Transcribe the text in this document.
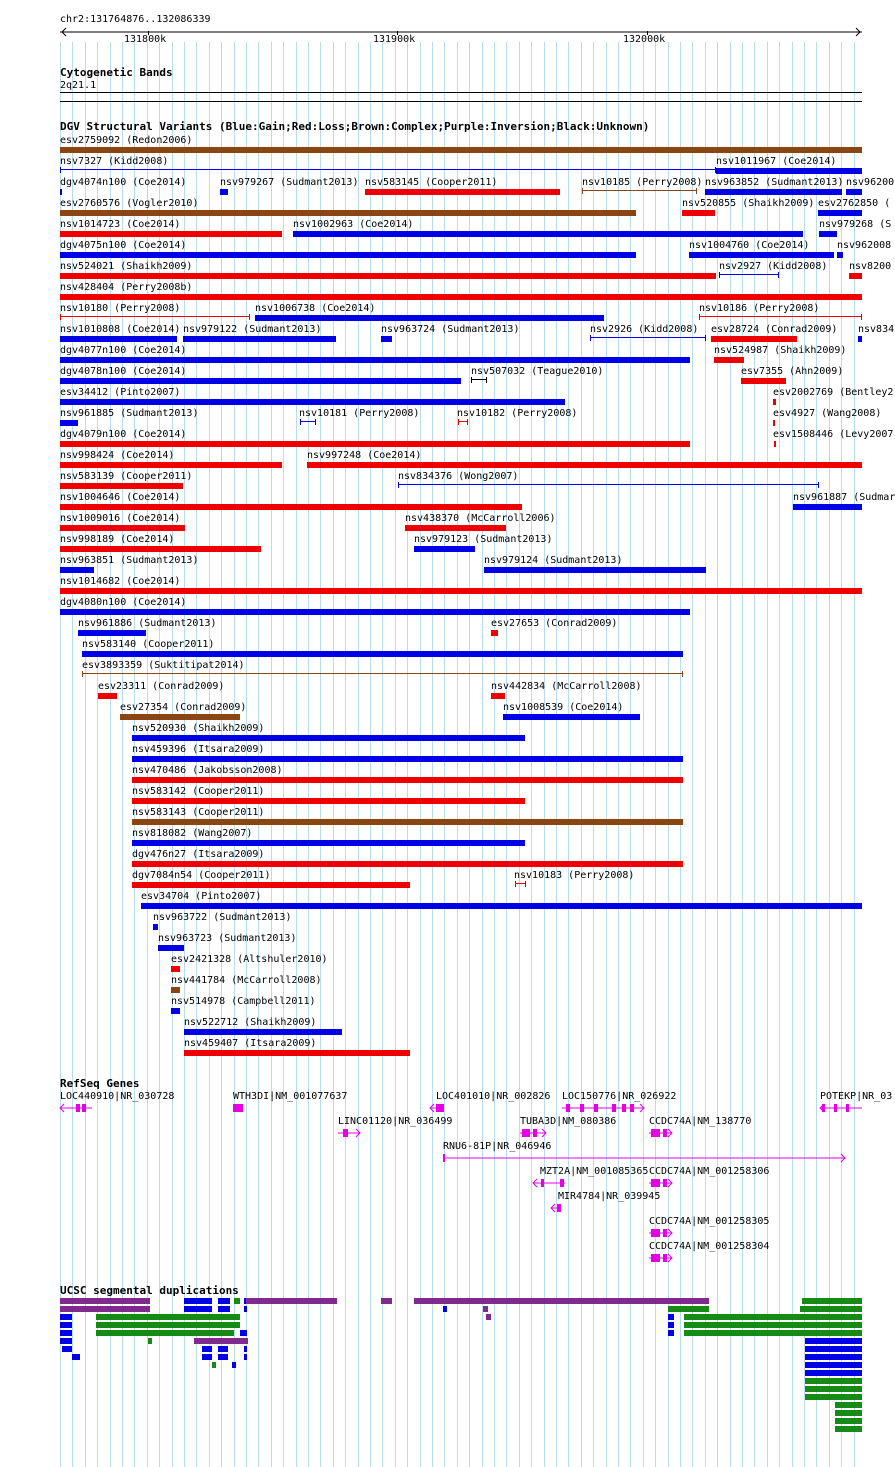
chr2:131764876..132086339
Cytogenetic Bands
2q21.1
DGV Structural Variants (Blue:Gain;Red:Loss;Brown:Complex;Purple:Inversion;Black:Unknown)
esv2759092 (Redon2006)
nsv7327 (Kidd2008)	nsv1011967 (Coe2014)
dgv4074n100 (Coe2014)	nsv979267 (Sudmant2013) nsv583145 (Cooper2011)	nsv10185 (Perry2008) nsv963852 (Sudmant2013) nsv96200
esv2760576 (Vogler2010)	nsv520855 (Shaikh2009) esv2762850 (
nsv1014723 (Coe2014)	nsv1002963 (Coe2014)	nsv979268 (S
dgv4075n100 (Coe2014)	nsv1004760 (Coe2014)	nsv962008
nsv524021 (Shaikh2009)	nsv2927 (Kidd2008) nsv8200
nsv428404 (Perry2008b)
nsv10180 (Perry2008)	nsv1006738 (Coe2014)	nsv10186 (Perry2008)
nsv1010808 (Coe2014) nsv979122 (Sudmant2013)	nsv963724 (Sudmant2013)	nsv2926 (Kidd2008) esv28724 (Conrad2009) nsv834
dgv4077n100 (Coe2014)	nsv524987 (Shaikh2009)
dgv4078n100 (Coe2014)	nsv507032 (Teague2010)	esv7355 (Ahn2009)
esv34412 (Pinto2007)	esv2002769 (Bentley2
nsv961885 (Sudmant2013)	nsv10181 (Perry2008)	nsv10182 (Perry2008)	esv4927 (Wang2008)
dgv4079n100 (Coe2014)	esv1508446 (Levy2007
nsv998424 (Coe2014)	nsv997248 (Coe2014)
nsv583139 (Cooper2011)	nsv834376 (Wong2007)
nsv1004646 (Coe2014)	nsv961887 (Sudmar
nsv1009016 (Coe2014)	nsv438370 (McCarroll2006)
nsv998189 (Coe2014)	nsv979123 (Sudmant2013)
nsv963851 (Sudmant2013)	nsv979124 (Sudmant2013)
nsv1014682 (Coe2014)
dgv4080n100 (Coe2014)
nsv961886 (Sudmant2013)	esv27653 (Conrad2009)
nsv583140 (Cooper2011)
esv3893359 (Suktitipat2014)
esv23311 (Conrad2009)	nsv442834 (McCarroll2008)
esv27354 (Conrad2009)	nsv1008539 (Coe2014)
nsv520930 (Shaikh2009)
nsv459396 (Itsara2009)
nsv470486 (Jakobsson2008)
nsv583142 (Cooper2011)
nsv583143 (Cooper2011)
nsv818082 (Wang2007)
dgv476n27 (Itsara2009)
dgv7084n54 (Cooper2011)	nsv10183 (Perry2008)
esv34704 (Pinto2007)
nsv963722 (Sudmant2013)
nsv963723 (Sudmant2013)
esv2421328 (Altshuler2010)
nsv441784 (McCarroll2008)
nsv514978 (Campbell2011)
nsv522712 (Shaikh2009)
nsv459407 (Itsara2009)
RefSeq Genes
LOC440910|NR_030728	WTH3DI|NM_001077637	LOC401010|NR_002826 LOC150776|NR_026922	POTEKP|NR_03
LINC01120|NR_036499	TUBA3D|NM_080386	CCDC74A|NM_138770
RNU6-81P|NR_046946
MZT2A|NM_001085365 CCDC74A|NM_001258306
MIR4784|NR_039945
CCDC74A|NM_001258305
CCDC74A|NM_001258304
UCSC segmental duplications
131800k	131900k	132000k
